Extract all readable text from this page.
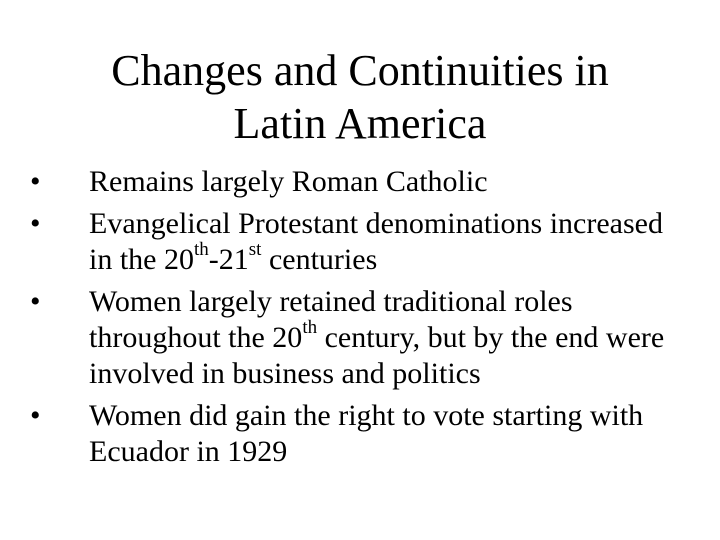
Changes and Continuities in
Latin America
•	Remains largely Roman Catholic
•	Evangelical Protestant denominations increased in the 20th-21st centuries
•	Women largely retained traditional roles throughout the 20th century, but by the end were involved in business and politics
•	Women did gain the right to vote starting with Ecuador in 1929
